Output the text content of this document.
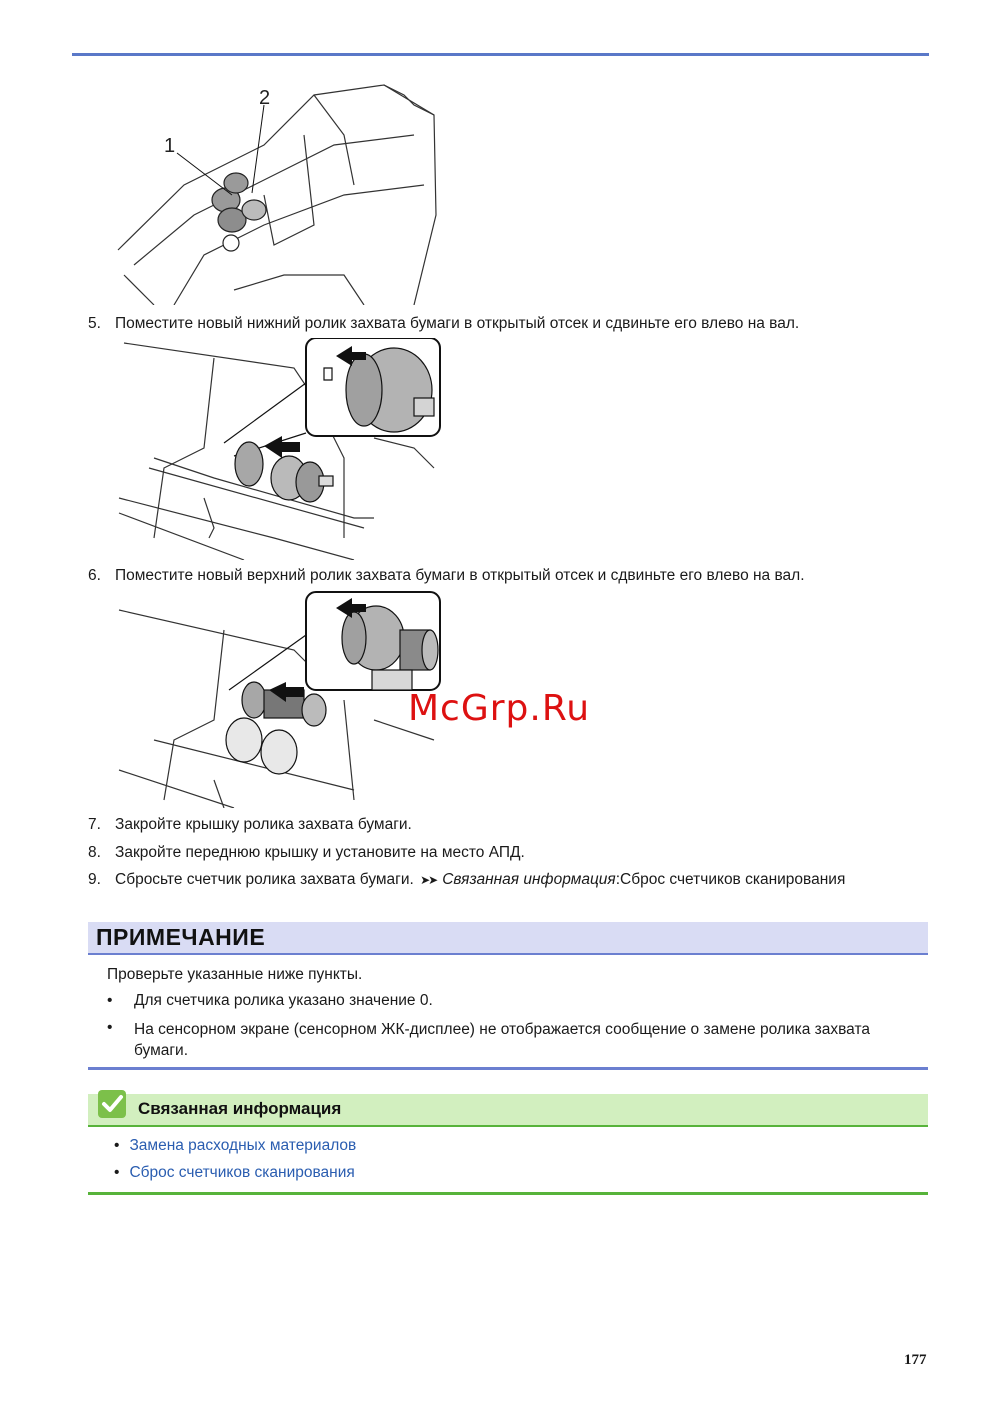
1
2
5. Поместите новый нижний ролик захвата бумаги в открытый отсек и сдвиньте его влево на вал.
6. Поместите новый верхний ролик захвата бумаги в открытый отсек и сдвиньте его влево на вал.
McGrp.Ru
7. Закройте крышку ролика захвата бумаги.
8. Закройте переднюю крышку и установите на место АПД.
9. Сбросьте счетчик ролика захвата бумаги. ➤➤ Связанная информация:Сброс счетчиков сканирования
ПРИМЕЧАНИЕ
Проверьте указанные ниже пункты.
• Для счетчика ролика указано значение 0.
• На сенсорном экране (сенсорном ЖК-дисплее) не отображается сообщение о замене ролика захвата бумаги.
Связанная информация
• Замена расходных материалов
• Сброс счетчиков сканирования
177
